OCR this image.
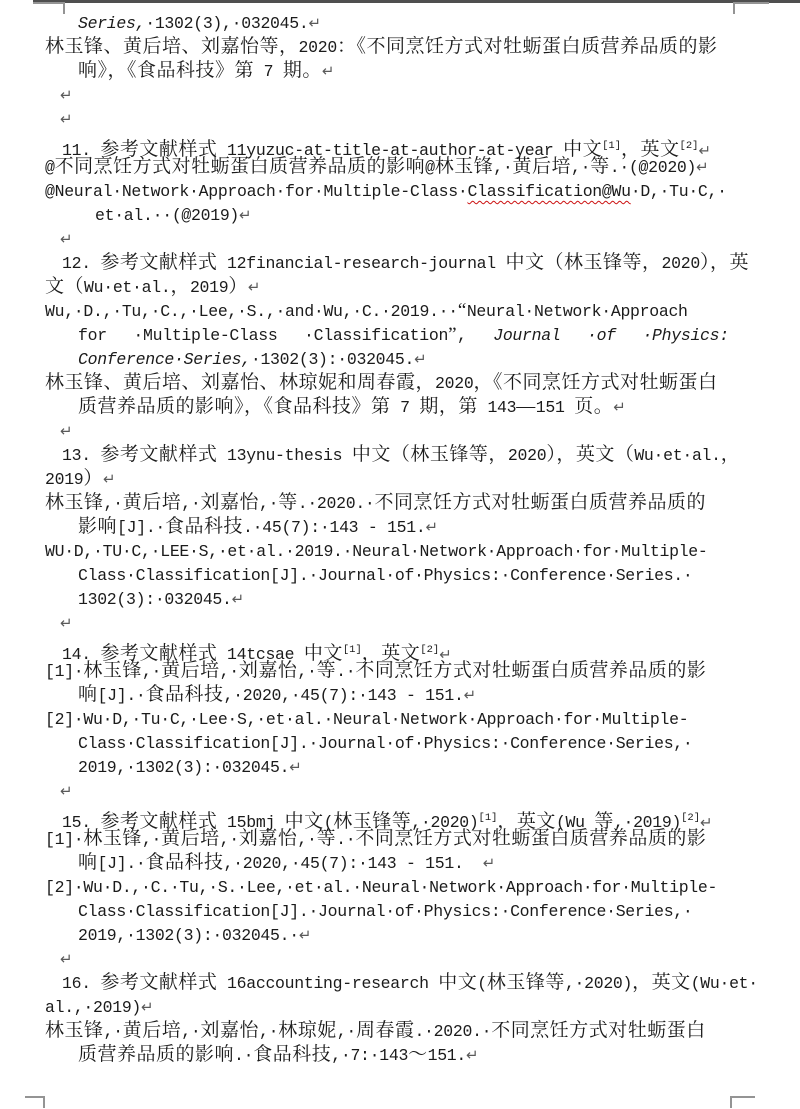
Series,·1302(3),·032045.↵
林玉锋、黄后培、刘嘉怡等，2020：《不同烹饪方式对牡蛎蛋白质营养品质的影
响》，《食品科技》第 7 期。↵
↵
↵
11. 参考文献样式 11yuzuc-at-title-at-author-at-year 中文[1]，英文[2]↵
@不同烹饪方式对牡蛎蛋白质营养品质的影响@林玉锋,·黄后培,·等.·(@2020)↵
@Neural·Network·Approach·for·Multiple-Class·Classification@Wu·D,·Tu·C,·
et·al.··(@2019)↵
↵
12. 参考文献样式 12financial-research-journal 中文（林玉锋等，2020），英
文（Wu·et·al.，2019）↵
Wu,·D.,·Tu,·C.,·Lee,·S.,·and·Wu,·C.·2019.··“Neural·Network·Approach
for ·Multiple-Class ·Classification”, Journal ·of ·Physics:
Conference·Series,·1302(3):·032045.↵
林玉锋、黄后培、刘嘉怡、林琼妮和周春霞，2020，《不同烹饪方式对牡蛎蛋白
质营养品质的影响》，《食品科技》第 7 期，第 143—151 页。↵
↵
13. 参考文献样式 13ynu-thesis 中文（林玉锋等，2020），英文（Wu·et·al.，
2019）↵
林玉锋,·黄后培,·刘嘉怡,·等.·2020.·不同烹饪方式对牡蛎蛋白质营养品质的
影响[J].·食品科技.·45(7):·143 - 151.↵
WU·D,·TU·C,·LEE·S,·et·al.·2019.·Neural·Network·Approach·for·Multiple-
Class·Classification[J].·Journal·of·Physics:·Conference·Series.·
1302(3):·032045.↵
↵
14. 参考文献样式 14tcsae 中文[1]，英文[2]↵
[1]·林玉锋,·黄后培,·刘嘉怡,·等.·不同烹饪方式对牡蛎蛋白质营养品质的影
响[J].·食品科技,·2020,·45(7):·143 - 151.↵
[2]·Wu·D,·Tu·C,·Lee·S,·et·al.·Neural·Network·Approach·for·Multiple-
Class·Classification[J].·Journal·of·Physics:·Conference·Series,·
2019,·1302(3):·032045.↵
↵
15. 参考文献样式 15bmj 中文(林玉锋等,·2020)[1]，英文(Wu 等,·2019)[2]↵
[1]·林玉锋,·黄后培,·刘嘉怡,·等.·不同烹饪方式对牡蛎蛋白质营养品质的影
响[J].·食品科技,·2020,·45(7):·143 - 151.  ↵
[2]·Wu·D.,·C.·Tu,·S.·Lee,·et·al.·Neural·Network·Approach·for·Multiple-
Class·Classification[J].·Journal·of·Physics:·Conference·Series,·
2019,·1302(3):·032045.·↵
↵
16. 参考文献样式 16accounting-research 中文(林玉锋等,·2020)，英文(Wu·et·
al.,·2019)↵
林玉锋,·黄后培,·刘嘉怡,·林琼妮,·周春霞.·2020.·不同烹饪方式对牡蛎蛋白
质营养品质的影响.·食品科技,·7:·143～151.↵
